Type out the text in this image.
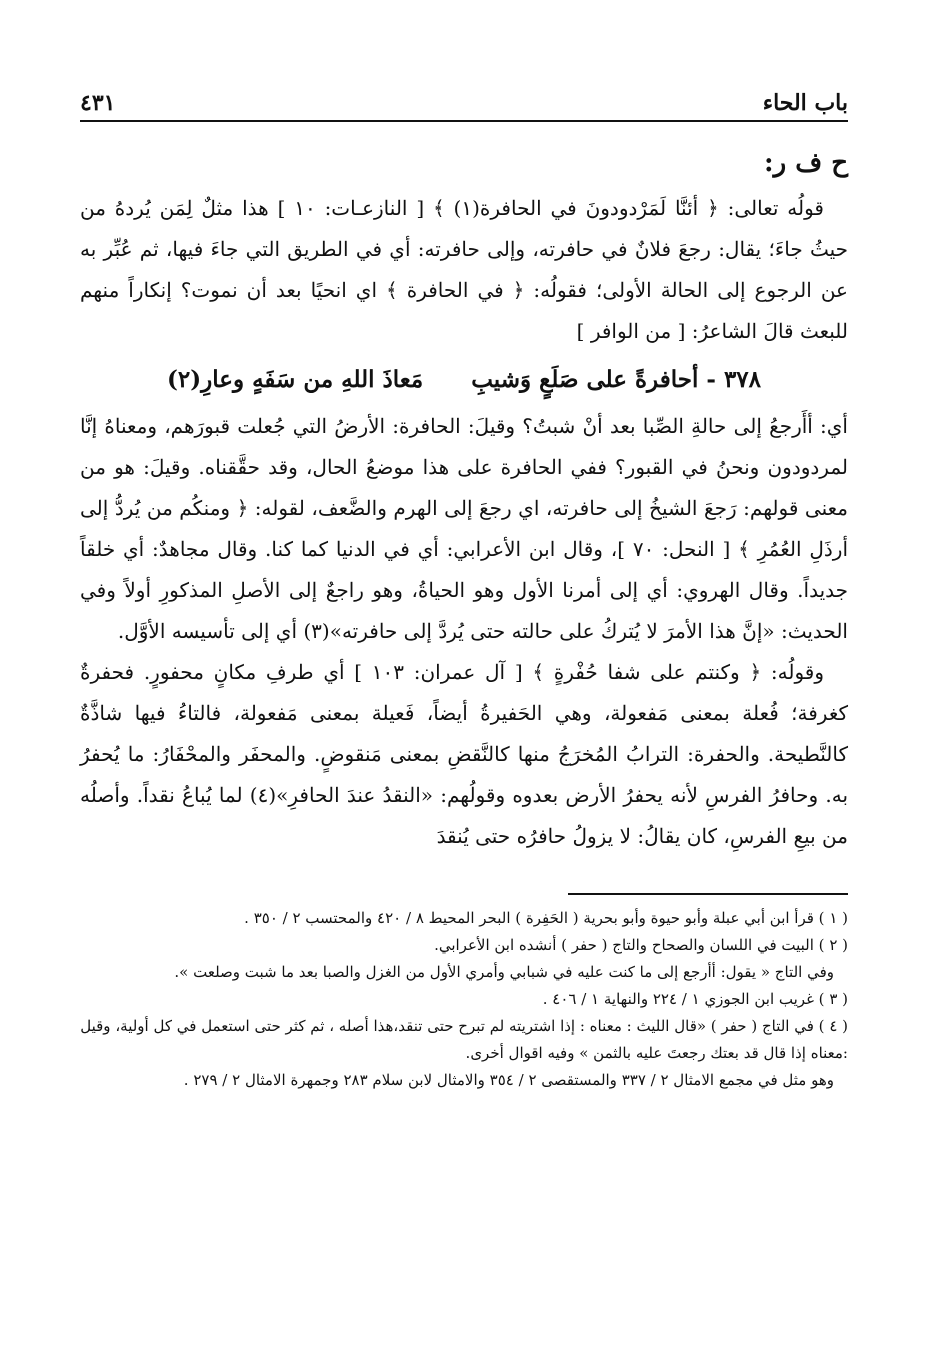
باب الحاء
٤٣١
ح ف ر:

قولُه تعالى: ﴿ أئنَّا لَمَرْدودونَ في الحافرة(١) ﴾ [ النازعـات: ١٠ ] هذا مثلٌ لِمَن يُردهُ من حيثُ جاءَ؛ يقال: رجعَ فلانٌ في حافرته، وإلى حافرته: أي في الطريق التي جاءَ فيها، ثم عُبِّر به عن الرجوع إلى الحالة الأولى؛ فقولُه: ﴿ في الحافرة ﴾ اي انحيًا بعد أن نموت؟ إنكاراً منهم للبعث قالَ الشاعرُ: [ من الوافر ]

٣٧٨ - أحافرةً على صَلَعٍ وَشيبِ
مَعاذَ اللهِ من سَفَهٍ وعارِ(٢)

أي: أأَرجعُ إلى حالةِ الصِّبا بعد أنْ شبتُ؟ وقيلَ: الحافرة: الأرضُ التي جُعلت قبورَهم، ومعناهُ إنَّا لمردودون ونحنُ في القبور؟ ففي الحافرة على هذا موضعُ الحال، وقد حقَّقناه. وقيلَ: هو من معنى قولهم: رَجعَ الشيخُ إلى حافرته، اي رجعَ إلى الهرم والضَّعف، لقوله: ﴿ ومنكُم من يُردُّ إلى أرذَلِ العُمُرِ ﴾ [ النحل: ٧٠ ]، وقال ابن الأعرابي: أي في الدنيا كما كنا. وقال مجاهدٌ: أي خلقاً جديداً. وقال الهروي: أي إلى أمرنا الأول وهو الحياةُ، وهو راجعٌ إلى الأصلِ المذكورِ أولاً وفي الحديث: «إنَّ هذا الأمرَ لا يُتركُ على حالته حتى يُردَّ إلى حافرته»(٣) أي إلى تأسيسه الأوَّل.

وقولُه: ﴿ وكنتم على شفا حُفْرةٍ ﴾ [ آل عمران: ١٠٣ ] أي طرفِ مكانٍ محفورٍ. فحفرةٌ كغرفة؛ فُعلة بمعنى مَفعولة، وهي الحَفيرةُ أيضاً، فَعيلة بمعنى مَفعولة، فالتاءُ فيها شاذَّةٌ كالنَّطيحة. والحفرة: الترابُ المُخرَجُ منها كالنَّقضِ بمعنى مَنقوضٍ. والمحفَر والمحْفَارُ: ما يُحفرُ به. وحافرُ الفرسِ لأنه يحفرُ الأرض بعدوه وقولُهم: «النقدُ عندَ الحافرِ»(٤) لما يُباعُ نقداً. وأصلُه من بيعِ الفرسِ، كان يقالُ: لا يزولُ حافرُه حتى يُنقدَ

( ١ ) قرأ ابن أبي عبلة وأبو حيوة وأبو بحرية ( الحَفِرة ) البحر المحيط ٨ / ٤٢٠ والمحتسب ٢ / ٣٥٠ .

( ٢ ) البيت في اللسان والصحاح والتاج ( حفر ) أنشده ابن الأعرابي.

وفي التاج « يقول: أأرجع إلى ما كنت عليه في شبابي وأمري الأول من الغزل والصبا بعد ما شبت وصلعت ».

( ٣ ) غريب ابن الجوزي ١ / ٢٢٤ والنهاية ١ / ٤٠٦ .

( ٤ ) في التاج ( حفر ) «قال الليث : معناه : إذا اشتريته لم تبرح حتى تنقد،هذا أصله ، ثم كثر حتى استعمل في كل أولية، وقيل :معناه إذا قال قد بعتك رجعتَ عليه بالثمن » وفيه اقوال أخرى.

وهو مثل في مجمع الامثال ٢ / ٣٣٧ والمستقصى ٢ / ٣٥٤ والامثال لابن سلام ٢٨٣ وجمهرة الامثال ٢ / ٢٧٩ .
